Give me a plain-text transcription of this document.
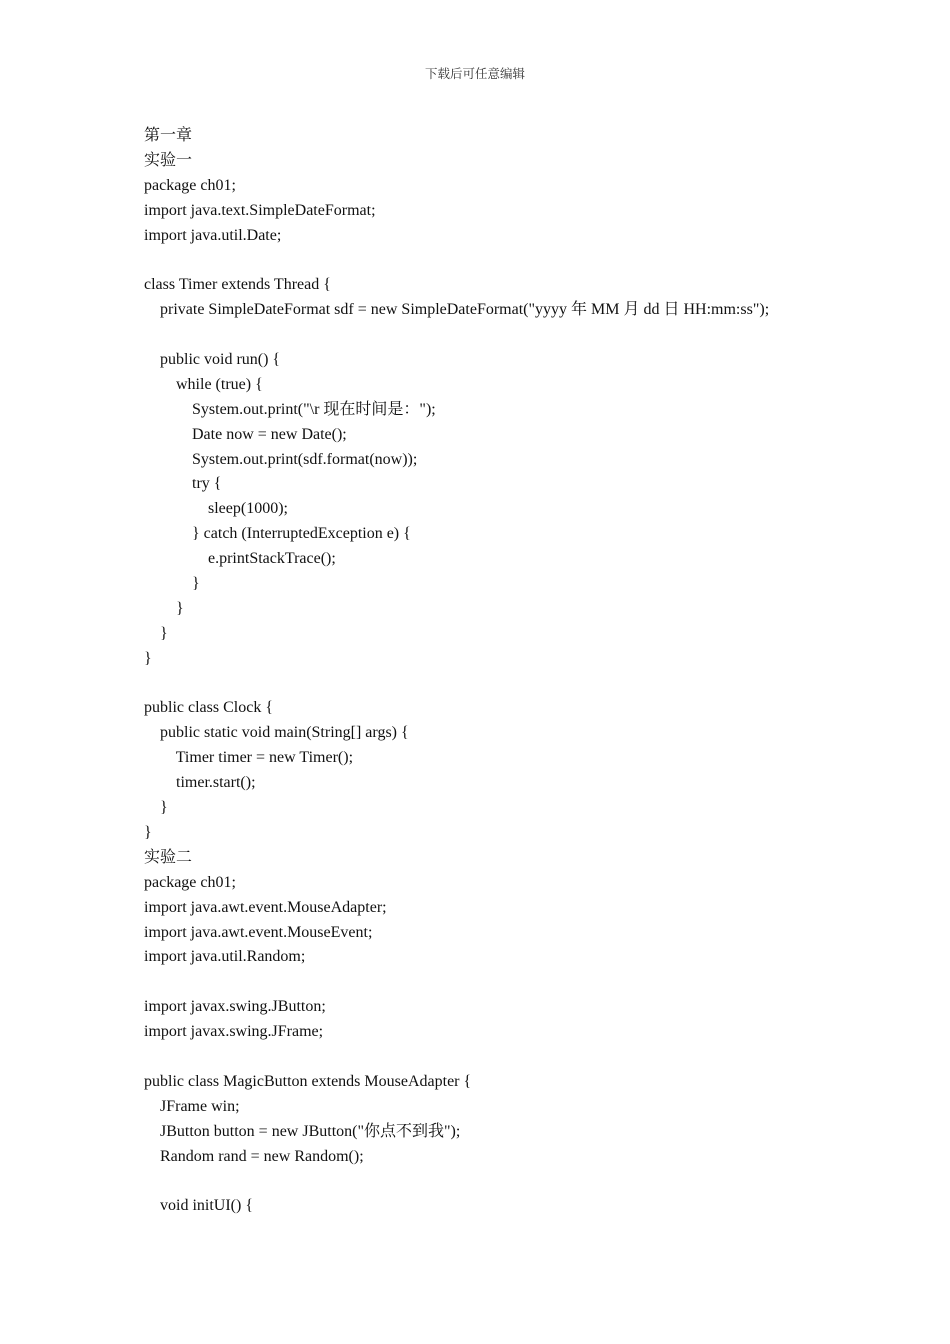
下载后可任意编辑
第一章
实验一
package ch01;
import java.text.SimpleDateFormat;
import java.util.Date;
class Timer extends Thread {
private SimpleDateFormat sdf = new SimpleDateFormat("yyyy 年 MM 月 dd 日 HH:mm:ss");
public void run() {
while (true) {
System.out.print("\r 现在时间是：");
Date now = new Date();
System.out.print(sdf.format(now));
try {
sleep(1000);
} catch (InterruptedException e) {
e.printStackTrace();
}
}
}
}
public class Clock {
public static void main(String[] args) {
Timer timer = new Timer();
timer.start();
}
}
实验二
package ch01;
import java.awt.event.MouseAdapter;
import java.awt.event.MouseEvent;
import java.util.Random;
import javax.swing.JButton;
import javax.swing.JFrame;
public class MagicButton extends MouseAdapter {
JFrame win;
JButton button = new JButton("你点不到我");
Random rand = new Random();
void initUI() {
